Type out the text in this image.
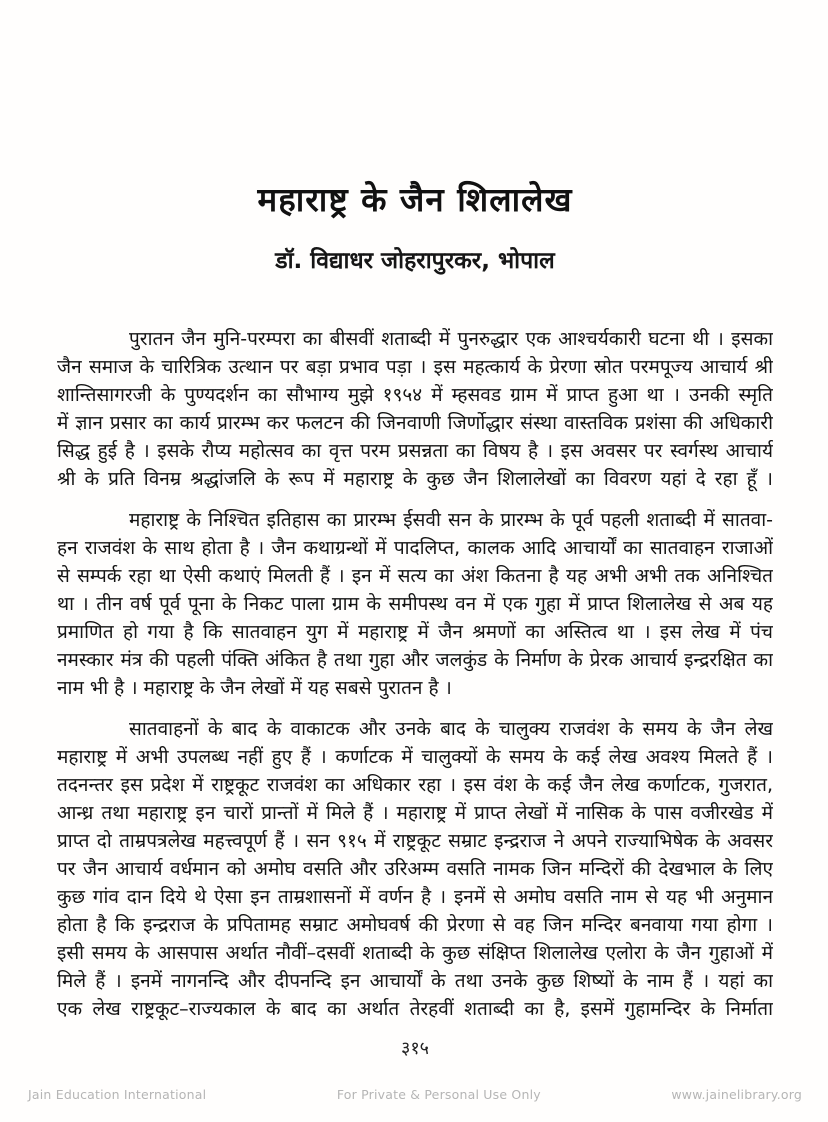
महाराष्ट्र के जैन शिलालेख
डॉ. विद्याधर जोहरापुरकर, भोपाल
पुरातन जैन मुनि-परम्परा का बीसवीं शताब्दी में पुनरुद्धार एक आश्चर्यकारी घटना थी । इसका
जैन समाज के चारित्रिक उत्थान पर बड़ा प्रभाव पड़ा । इस महत्कार्य के प्रेरणा स्रोत परमपूज्य आचार्य श्री
शान्तिसागरजी के पुण्यदर्शन का सौभाग्य मुझे १९५४ में म्हसवड ग्राम में प्राप्त हुआ था । उनकी स्मृति
में ज्ञान प्रसार का कार्य प्रारम्भ कर फलटन की जिनवाणी जिर्णोद्धार संस्था वास्तविक प्रशंसा की अधिकारी
सिद्ध हुई है । इसके रौप्य महोत्सव का वृत्त परम प्रसन्नता का विषय है । इस अवसर पर स्वर्गस्थ आचार्य
श्री के प्रति विनम्र श्रद्धांजलि के रूप में महाराष्ट्र के कुछ जैन शिलालेखों का विवरण यहां दे रहा हूँ ।
महाराष्ट्र के निश्चित इतिहास का प्रारम्भ ईसवी सन के प्रारम्भ के पूर्व पहली शताब्दी में सातवा-
हन राजवंश के साथ होता है । जैन कथाग्रन्थों में पादलिप्त, कालक आदि आचार्यों का सातवाहन राजाओं
से सम्पर्क रहा था ऐसी कथाएं मिलती हैं । इन में सत्य का अंश कितना है यह अभी अभी तक अनिश्चित
था । तीन वर्ष पूर्व पूना के निकट पाला ग्राम के समीपस्थ वन में एक गुहा में प्राप्त शिलालेख से अब यह
प्रमाणित हो गया है कि सातवाहन युग में महाराष्ट्र में जैन श्रमणों का अस्तित्व था । इस लेख में पंच
नमस्कार मंत्र की पहली पंक्ति अंकित है तथा गुहा और जलकुंड के निर्माण के प्रेरक आचार्य इन्द्ररक्षित का
नाम भी है । महाराष्ट्र के जैन लेखों में यह सबसे पुरातन है ।
सातवाहनों के बाद के वाकाटक और उनके बाद के चालुक्य राजवंश के समय के जैन लेख
महाराष्ट्र में अभी उपलब्ध नहीं हुए हैं । कर्णाटक में चालुक्यों के समय के कई लेख अवश्य मिलते हैं ।
तदनन्तर इस प्रदेश में राष्ट्रकूट राजवंश का अधिकार रहा । इस वंश के कई जैन लेख कर्णाटक, गुजरात,
आन्ध्र तथा महाराष्ट्र इन चारों प्रान्तों में मिले हैं । महाराष्ट्र में प्राप्त लेखों में नासिक के पास वजीरखेड में
प्राप्त दो ताम्रपत्रलेख महत्त्वपूर्ण हैं । सन ९१५ में राष्ट्रकूट सम्राट इन्द्रराज ने अपने राज्याभिषेक के अवसर
पर जैन आचार्य वर्धमान को अमोघ वसति और उरिअम्म वसति नामक जिन मन्दिरों की देखभाल के लिए
कुछ गांव दान दिये थे ऐसा इन ताम्रशासनों में वर्णन है । इनमें से अमोघ वसति नाम से यह भी अनुमान
होता है कि इन्द्रराज के प्रपितामह सम्राट अमोघवर्ष की प्रेरणा से वह जिन मन्दिर बनवाया गया होगा ।
इसी समय के आसपास अर्थात नौवीं–दसवीं शताब्दी के कुछ संक्षिप्त शिलालेख एलोरा के जैन गुहाओं में
मिले हैं । इनमें नागनन्दि और दीपनन्दि इन आचार्यों के तथा उनके कुछ शिष्यों के नाम हैं । यहां का
एक लेख राष्ट्रकूट–राज्यकाल के बाद का अर्थात तेरहवीं शताब्दी का है, इसमें गुहामन्दिर के निर्माता
३१५
Jain Education International	For Private & Personal Use Only	www.jainelibrary.org
